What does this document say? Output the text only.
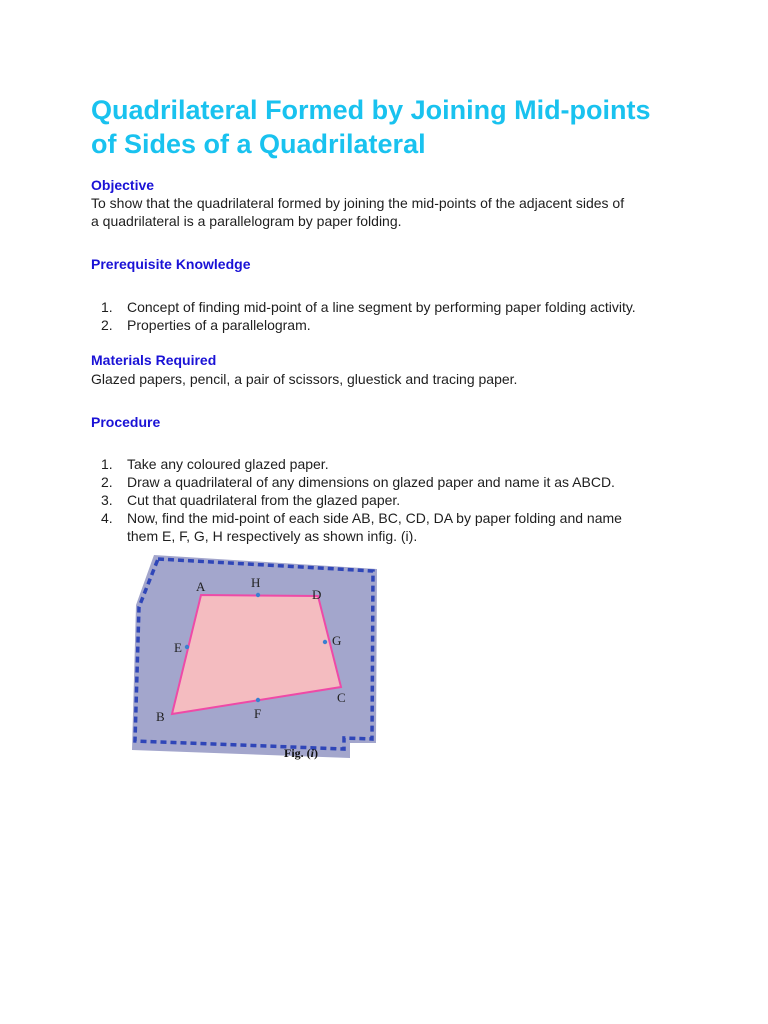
Quadrilateral Formed by Joining Mid-points
of Sides of a Quadrilateral
Objective

To show that the quadrilateral formed by joining the mid-points of the adjacent sides of
a quadrilateral is a parallelogram by paper folding.

Prerequisite Knowledge
1. Concept of finding mid-point of a line segment by performing paper folding activity.
2. Properties of a parallelogram.
Materials Required

Glazed papers, pencil, a pair of scissors, gluestick and tracing paper.

Procedure
1. Take any coloured glazed paper.
2. Draw a quadrilateral of any dimensions on glazed paper and name it as ABCD.
3. Cut that quadrilateral from the glazed paper.
4. Now, find the mid-point of each side AB, BC, CD, DA by paper folding and name
them E, F, G, H respectively as shown infig. (i).
A	H
D
E	G
C
B	F
Fig. (i)
